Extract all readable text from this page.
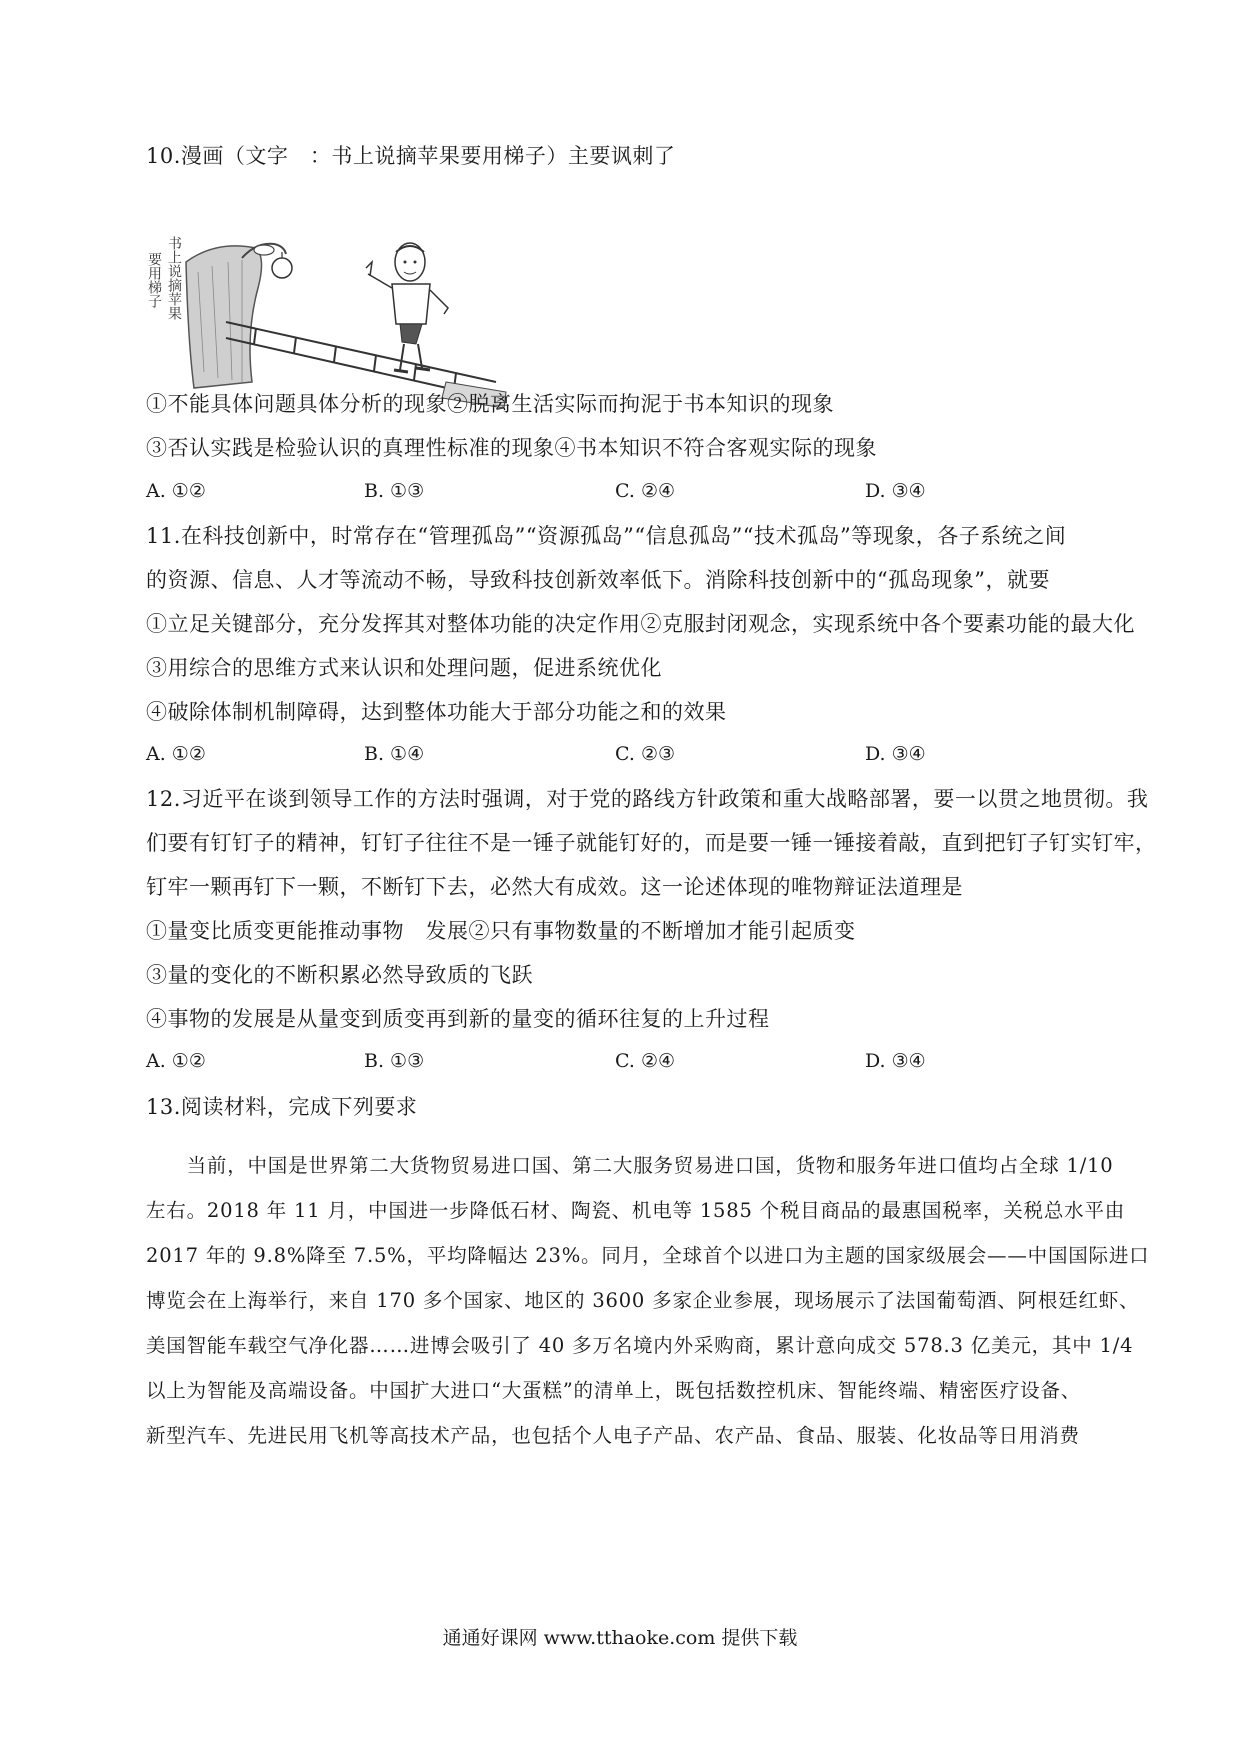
10.漫画（文字　：书上说摘苹果要用梯子）主要讽刺了
要用梯子 书上说摘苹果
①不能具体问题具体分析的现象②脱离生活实际而拘泥于书本知识的现象
③否认实践是检验认识的真理性标准的现象④书本知识不符合客观实际的现象
A. ①②	B. ①③	C. ②④	D. ③④
11.在科技创新中，时常存在“管理孤岛”“资源孤岛”“信息孤岛”“技术孤岛”等现象，各子系统之间
的资源、信息、人才等流动不畅，导致科技创新效率低下。消除科技创新中的“孤岛现象”，就要
①立足关键部分，充分发挥其对整体功能的决定作用②克服封闭观念，实现系统中各个要素功能的最大化
③用综合的思维方式来认识和处理问题，促进系统优化
④破除体制机制障碍，达到整体功能大于部分功能之和的效果
A. ①②	B. ①④	C. ②③	D. ③④
12.习近平在谈到领导工作的方法时强调，对于党的路线方针政策和重大战略部署，要一以贯之地贯彻。我
们要有钉钉子的精神，钉钉子往往不是一锤子就能钉好的，而是要一锤一锤接着敲，直到把钉子钉实钉牢，
钉牢一颗再钉下一颗，不断钉下去，必然大有成效。这一论述体现的唯物辩证法道理是
①量变比质变更能推动事物　发展②只有事物数量的不断增加才能引起质变
③量的变化的不断积累必然导致质的飞跃
④事物的发展是从量变到质变再到新的量变的循环往复的上升过程
A. ①②	B. ①③	C. ②④	D. ③④
13.阅读材料，完成下列要求
　　当前，中国是世界第二大货物贸易进口国、第二大服务贸易进口国，货物和服务年进口值均占全球 1/10
左右。2018 年 11 月，中国进一步降低石材、陶瓷、机电等 1585 个税目商品的最惠国税率，关税总水平由
2017 年的 9.8%降至 7.5%，平均降幅达 23%。同月，全球首个以进口为主题的国家级展会——中国国际进口
博览会在上海举行，来自 170 多个国家、地区的 3600 多家企业参展，现场展示了法国葡萄酒、阿根廷红虾、
美国智能车载空气净化器……进博会吸引了 40 多万名境内外采购商，累计意向成交 578.3 亿美元，其中 1/4
以上为智能及高端设备。中国扩大进口“大蛋糕”的清单上，既包括数控机床、智能终端、精密医疗设备、
新型汽车、先进民用飞机等高技术产品，也包括个人电子产品、农产品、食品、服装、化妆品等日用消费
通通好课网 www.tthaoke.com 提供下载
